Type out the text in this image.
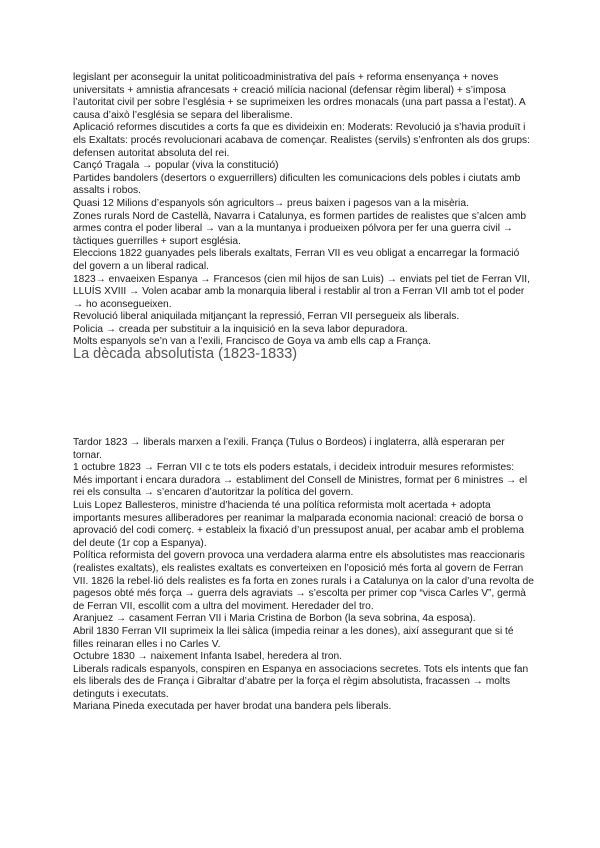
legislant per aconseguir la unitat politicoadministrativa del país + reforma ensenyança + noves universitats + amnistia afrancesats + creació milícia nacional (defensar règim liberal) + s’imposa l’autoritat civil per sobre l’església + se suprimeixen les ordres monacals (una part passa a l’estat). A causa d’això l’església se separa del liberalisme.

Aplicació reformes discutides a corts fa que es divideixin en: Moderats: Revolució ja s’havia produït i els Exaltats: procés revolucionari acabava de començar. Realistes (servils) s’enfronten als dos grups: defensen autoritat absoluta del rei.

Cançó Tragala → popular (viva la constitució)

Partides bandolers (desertors o exguerrillers) dificulten les comunicacions dels pobles i ciutats amb assalts i robos.

Quasi 12 Milions d’espanyols són agricultors→ preus baixen i pagesos van a la misèria.

Zones rurals Nord de Castellà, Navarra i Catalunya, es formen partides de realistes que s’alcen amb armes contra el poder liberal → van a la muntanya i produeixen pólvora per fer una guerra civil → tàctiques guerrilles + suport església.

Eleccions 1822 guanyades pels liberals exaltats, Ferran VII es veu obligat a encarregar la formació del govern a un liberal radical.

1823→ envaeixen Espanya → Francesos (cien mil hijos de san Luis) → enviats pel tiet de Ferran VII, LLUÍS XVIII → Volen acabar amb la monarquia liberal i restablir al tron a Ferran VII amb tot el poder → ho aconsegueixen.

Revolució liberal aniquilada mitjançant la repressió, Ferran VII persegueix als liberals.

Policia → creada per substituir a la inquisició en la seva labor depuradora.

Molts espanyols se’n van a l’exili, Francisco de Goya va amb ells cap a França.

La dècada absolutista (1823-1833)

Tardor 1823 → liberals marxen a l’exili. França (Tulus o Bordeos) i inglaterra, allà esperaran per tornar.

1 octubre 1823 → Ferran VII c te tots els poders estatals, i decideix introduir mesures reformistes: Més important i encara duradora → establiment del Consell de Ministres, format per 6 ministres → el rei els consulta → s’encaren d’autoritzar la política del govern.

Luis Lopez Ballesteros, ministre d’hacienda té una política reformista molt acertada + adopta importants mesures alliberadores per reanimar la malparada economia nacional: creació de borsa o aprovació del codi comerç. + estableix la fixació d’un pressupost anual, per acabar amb el problema del deute (1r cop a Espanya).

Política reformista del govern provoca una verdadera alarma entre els absolutistes mas reaccionaris (realistes exaltats), els realistes exaltats es converteixen en l’oposició més forta al govern de Ferran VII. 1826 la rebel·lió dels realistes es fa forta en zones rurals i a Catalunya on la calor d’una revolta de pagesos obté més força → guerra dels agraviats → s’escolta per primer cop “visca Carles V”, germà de Ferran VII, escollit com a ultra del moviment. Heredader del tro.

Aranjuez → casament Ferran VII i Maria Cristina de Borbon (la seva sobrina, 4a esposa).

Abril 1830 Ferran VII suprimeix la llei sàlica (impedia reinar a les dones), així assegurant que si té filles reinaran elles i no Carles V.

Octubre 1830 → naixement Infanta Isabel, heredera al tron.

Liberals radicals espanyols, conspiren en Espanya en associacions secretes. Tots els intents que fan els liberals des de França i Gibraltar d’abatre per la força el règim absolutista, fracassen → molts detinguts i executats.

Mariana Pineda executada per haver brodat una bandera pels liberals.
